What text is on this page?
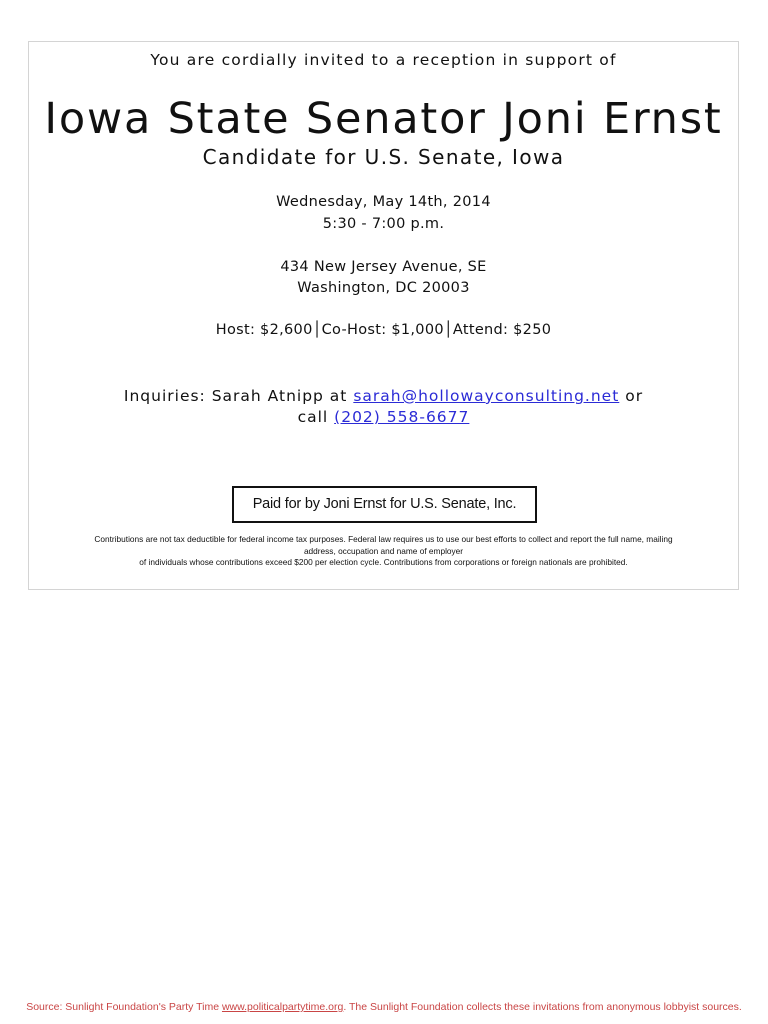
You are cordially invited to a reception in support of
Iowa State Senator Joni Ernst
Candidate for U.S. Senate, Iowa
Wednesday, May 14th, 2014
5:30 - 7:00 p.m.
434 New Jersey Avenue, SE
Washington, DC 20003
Host: $2,600│Co-Host: $1,000│Attend: $250
Inquiries: Sarah Atnipp at sarah@hollowayconsulting.net or
call (202) 558-6677
Paid for by Joni Ernst for U.S. Senate, Inc.
Contributions are not tax deductible for federal income tax purposes. Federal law requires us to use our best efforts to collect and report the full name, mailing
address, occupation and name of employer
of individuals whose contributions exceed $200 per election cycle. Contributions from corporations or foreign nationals are prohibited.
Source: Sunlight Foundation's Party Time www.politicalpartytime.org. The Sunlight Foundation collects these invitations from anonymous lobbyist sources.
